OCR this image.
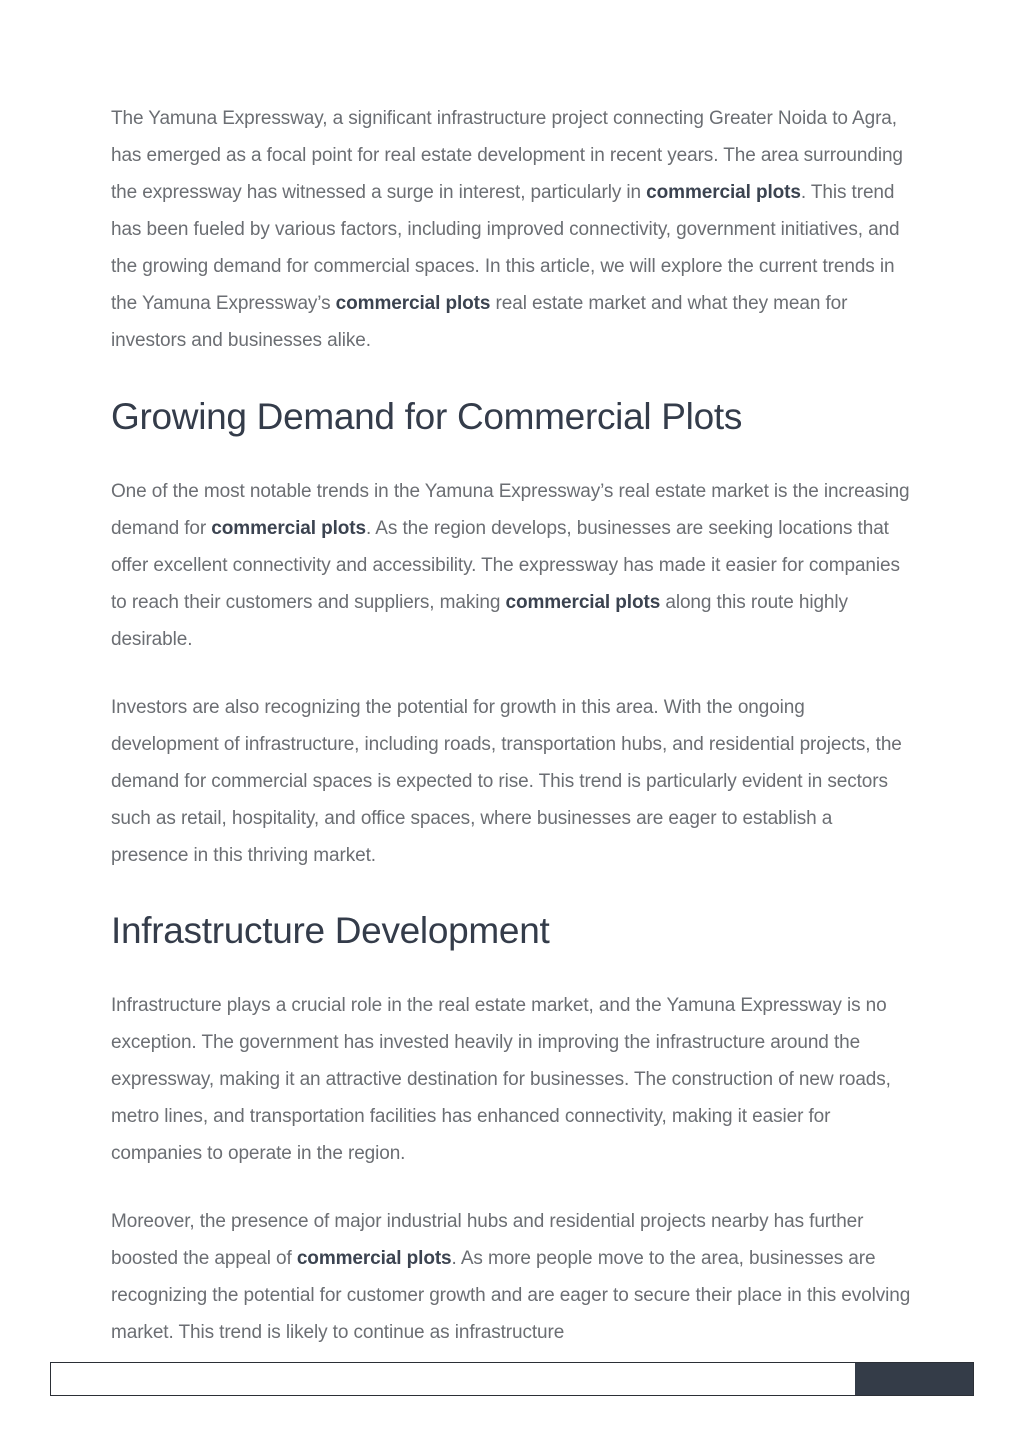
The Yamuna Expressway, a significant infrastructure project connecting Greater Noida to Agra, has emerged as a focal point for real estate development in recent years. The area surrounding the expressway has witnessed a surge in interest, particularly in commercial plots. This trend has been fueled by various factors, including improved connectivity, government initiatives, and the growing demand for commercial spaces. In this article, we will explore the current trends in the Yamuna Expressway’s commercial plots real estate market and what they mean for investors and businesses alike.

Growing Demand for Commercial Plots

One of the most notable trends in the Yamuna Expressway’s real estate market is the increasing demand for commercial plots. As the region develops, businesses are seeking locations that offer excellent connectivity and accessibility. The expressway has made it easier for companies to reach their customers and suppliers, making commercial plots along this route highly desirable.

Investors are also recognizing the potential for growth in this area. With the ongoing development of infrastructure, including roads, transportation hubs, and residential projects, the demand for commercial spaces is expected to rise. This trend is particularly evident in sectors such as retail, hospitality, and office spaces, where businesses are eager to establish a presence in this thriving market.

Infrastructure Development

Infrastructure plays a crucial role in the real estate market, and the Yamuna Expressway is no exception. The government has invested heavily in improving the infrastructure around the expressway, making it an attractive destination for businesses. The construction of new roads, metro lines, and transportation facilities has enhanced connectivity, making it easier for companies to operate in the region.

Moreover, the presence of major industrial hubs and residential projects nearby has further boosted the appeal of commercial plots. As more people move to the area, businesses are recognizing the potential for customer growth and are eager to secure their place in this evolving market. This trend is likely to continue as infrastructure
